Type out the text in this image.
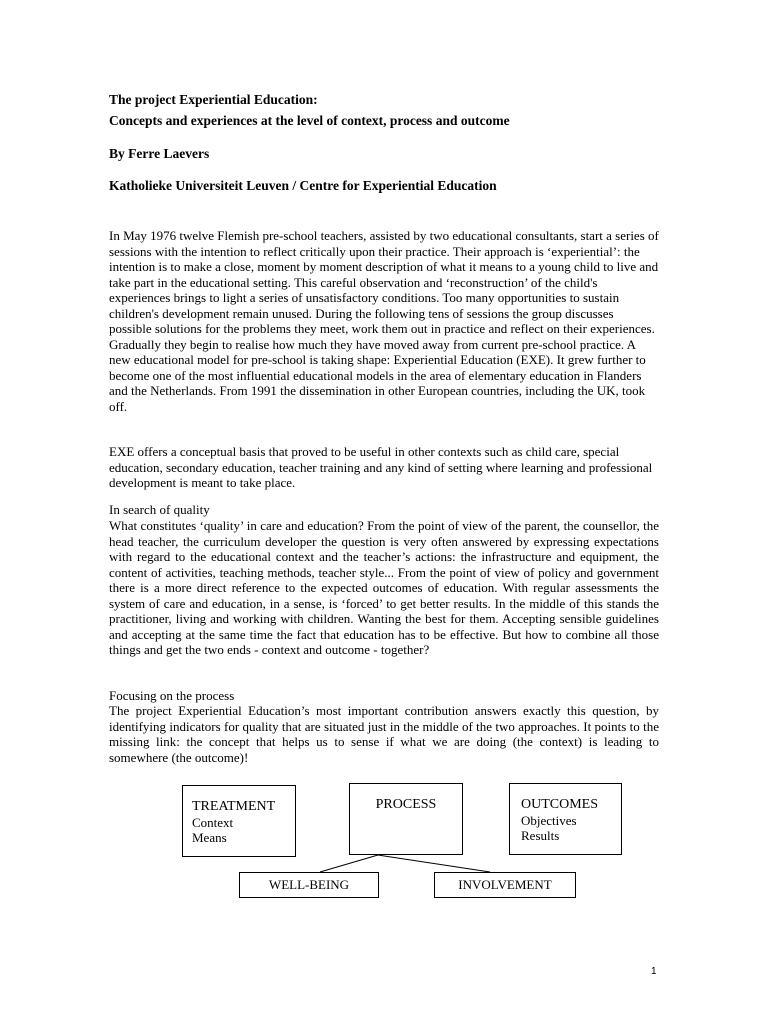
The project Experiential Education:
Concepts and experiences at the level of context, process and outcome
By Ferre Laevers
Katholieke Universiteit Leuven / Centre for Experiential Education

In May 1976 twelve Flemish pre-school teachers, assisted by two educational consultants, start a series of sessions with the intention to reflect critically upon their practice. Their approach is ‘experiential’: the intention is to make a close, moment by moment description of what it means to a young child to live and take part in the educational setting. This careful observation and ‘reconstruction’ of the child's experiences brings to light a series of unsatisfactory conditions. Too many opportunities to sustain children's development remain unused. During the following tens of sessions the group discusses possible solutions for the problems they meet, work them out in practice and reflect on their experiences. Gradually they begin to realise how much they have moved away from current pre-school practice. A new educational model for pre-school is taking shape: Experiential Education (EXE). It grew further to become one of the most influential educational models in the area of elementary education in Flanders and the Netherlands. From 1991 the dissemination in other European countries, including the UK, took off.

EXE offers a conceptual basis that proved to be useful in other contexts such as child care, special education, secondary education, teacher training and any kind of setting where learning and professional development is meant to take place.

In search of quality

What constitutes ‘quality’ in care and education? From the point of view of the parent, the counsellor, the head teacher, the curriculum developer the question is very often answered by expressing expectations with regard to the educational context and the teacher’s actions: the infrastructure and equipment, the content of activities, teaching methods, teacher style... From the point of view of policy and government there is a more direct reference to the expected outcomes of education. With regular assessments the system of care and education, in a sense, is ‘forced’ to get better results. In the middle of this stands the practitioner, living and working with children. Wanting the best for them. Accepting sensible guidelines and accepting at the same time the fact that education has to be effective. But how to combine all those things and get the two ends - context and outcome - together?

Focusing on the process

The project Experiential Education’s most important contribution answers exactly this question, by identifying indicators for quality that are situated just in the middle of the two approaches. It points to the missing link: the concept that helps us to sense if what we are doing (the context) is leading to somewhere (the outcome)!

TREATMENT
Context
Means
PROCESS	OUTCOMES
Objectives
Results
WELL-BEING	INVOLVEMENT
1
